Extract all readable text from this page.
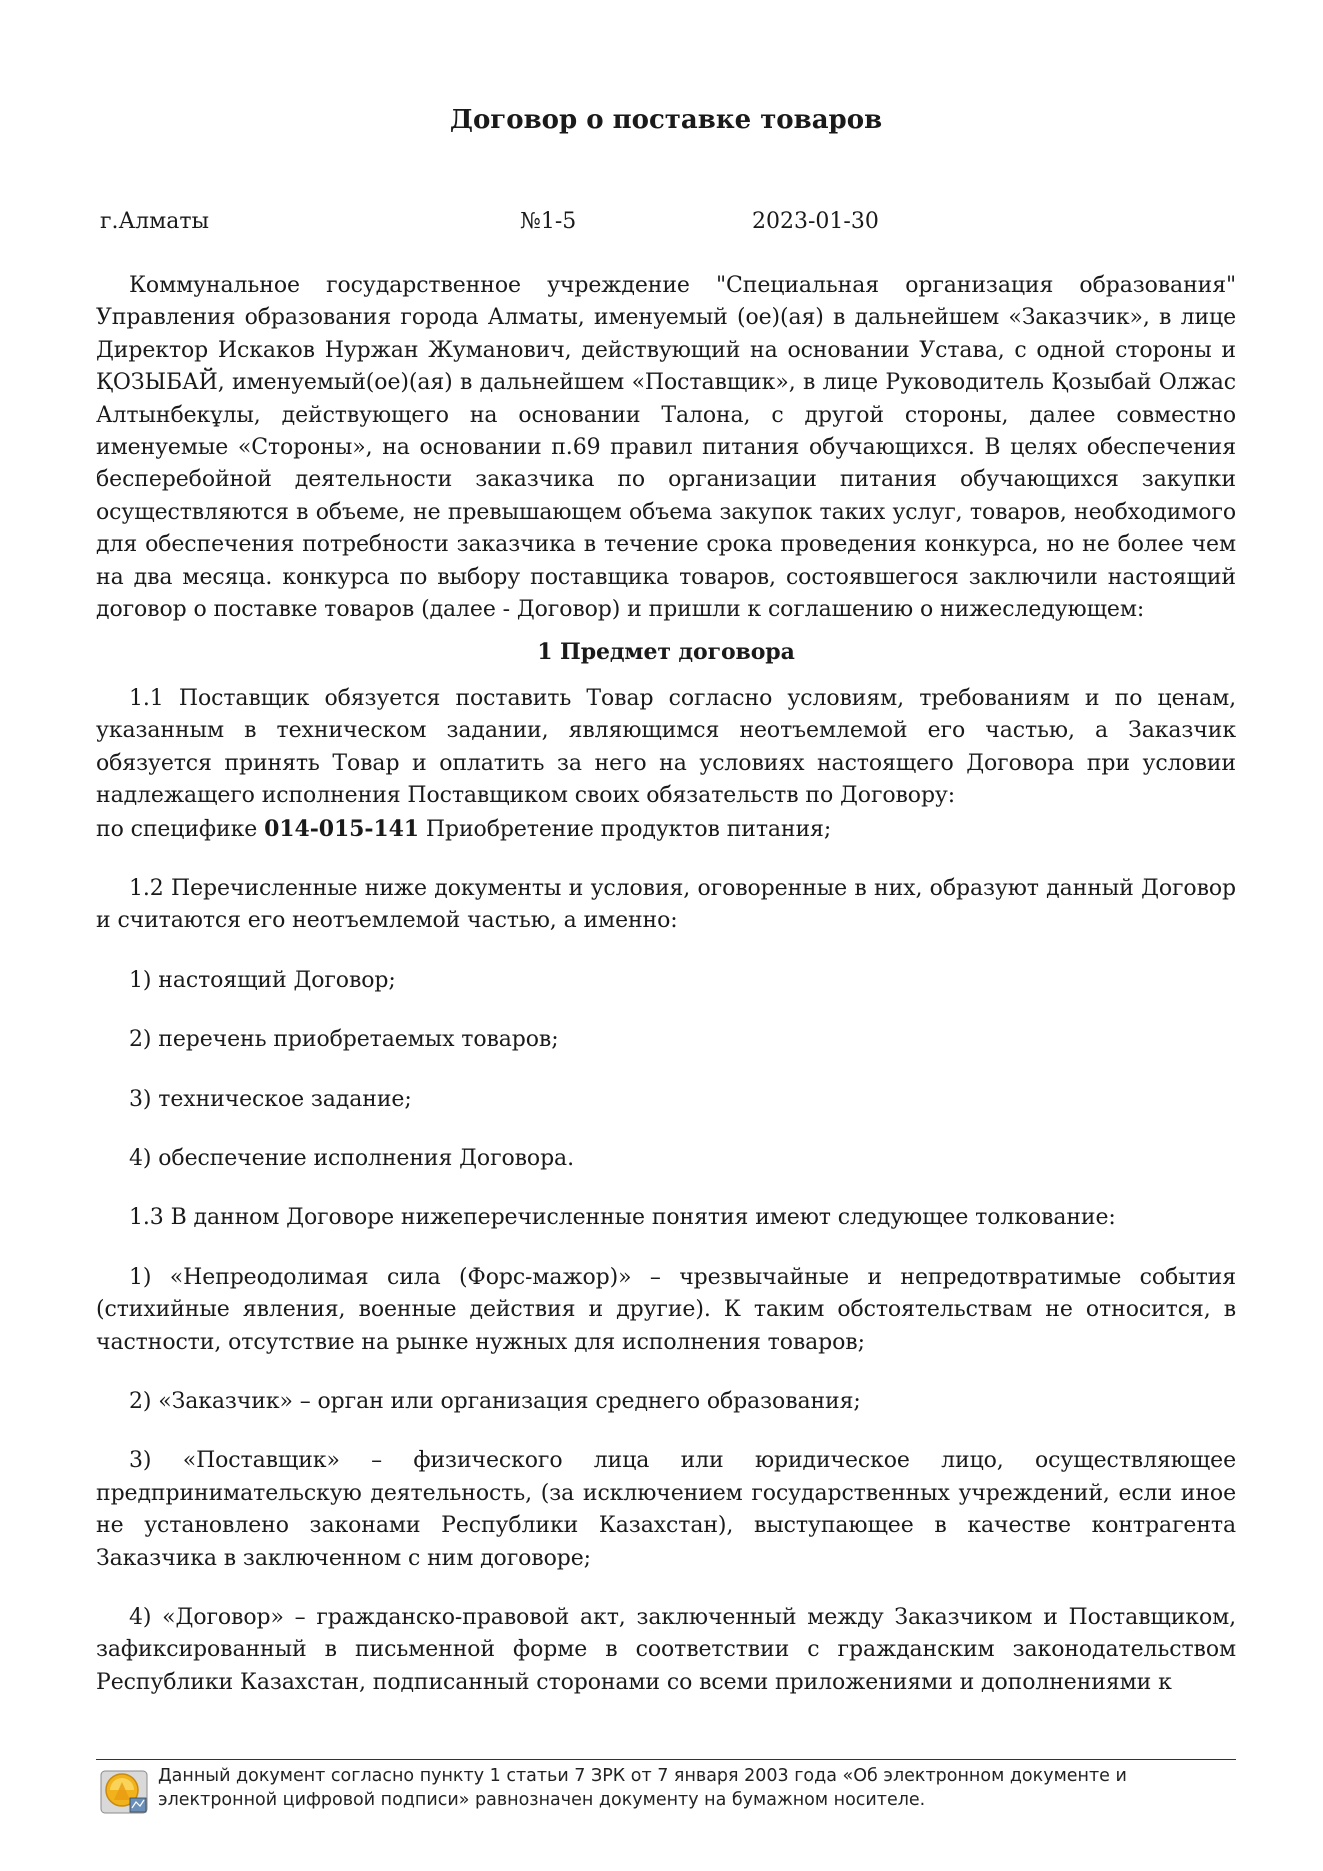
Договор о поставке товаров
г.Алматы	№1-5	2023-01-30

Коммунальное государственное учреждение "Специальная организация образования" Управления образования города Алматы, именуемый (ое)(ая) в дальнейшем «Заказчик», в лице Директор Искаков Нуржан Жуманович, действующий на основании Устава, с одной стороны и ҚОЗЫБАЙ, именуемый(ое)(ая) в дальнейшем «Поставщик», в лице Руководитель Қозыбай Олжас Алтынбекұлы, действующего на основании Талона, с другой стороны, далее совместно именуемые «Стороны», на основании п.69 правил питания обучающихся. В целях обеспечения бесперебойной деятельности заказчика по организации питания обучающихся закупки осуществляются в объеме, не превышающем объема закупок таких услуг, товаров, необходимого для обеспечения потребности заказчика в течение срока проведения конкурса, но не более чем на два месяца. конкурса по выбору поставщика товаров, состоявшегося заключили настоящий договор о поставке товаров (далее - Договор) и пришли к соглашению о нижеследующем:

1 Предмет договора

1.1 Поставщик обязуется поставить Товар согласно условиям, требованиям и по ценам, указанным в техническом задании, являющимся неотъемлемой его частью, а Заказчик обязуется принять Товар и оплатить за него на условиях настоящего Договора при условии надлежащего исполнения Поставщиком своих обязательств по Договору:

по специфике 014-015-141 Приобретение продуктов питания;

1.2 Перечисленные ниже документы и условия, оговоренные в них, образуют данный Договор и считаются его неотъемлемой частью, а именно:

1) настоящий Договор;

2) перечень приобретаемых товаров;

3) техническое задание;

4) обеспечение исполнения Договора.

1.3 В данном Договоре нижеперечисленные понятия имеют следующее толкование:

1) «Непреодолимая сила (Форс-мажор)» – чрезвычайные и непредотвратимые события (стихийные явления, военные действия и другие). К таким обстоятельствам не относится, в частности, отсутствие на рынке нужных для исполнения товаров;

2) «Заказчик» – орган или организация среднего образования;

3) «Поставщик» – физического лица или юридическое лицо, осуществляющее предпринимательскую деятельность, (за исключением государственных учреждений, если иное не установлено законами Республики Казахстан), выступающее в качестве контрагента Заказчика в заключенном с ним договоре;

4) «Договор» – гражданско-правовой акт, заключенный между Заказчиком и Поставщиком, зафиксированный в письменной форме в соответствии с гражданским законодательством Республики Казахстан, подписанный сторонами со всеми приложениями и дополнениями к

Данный документ согласно пункту 1 статьи 7 ЗРК от 7 января 2003 года «Об электронном документе и электронной цифровой подписи» равнозначен документу на бумажном носителе.
